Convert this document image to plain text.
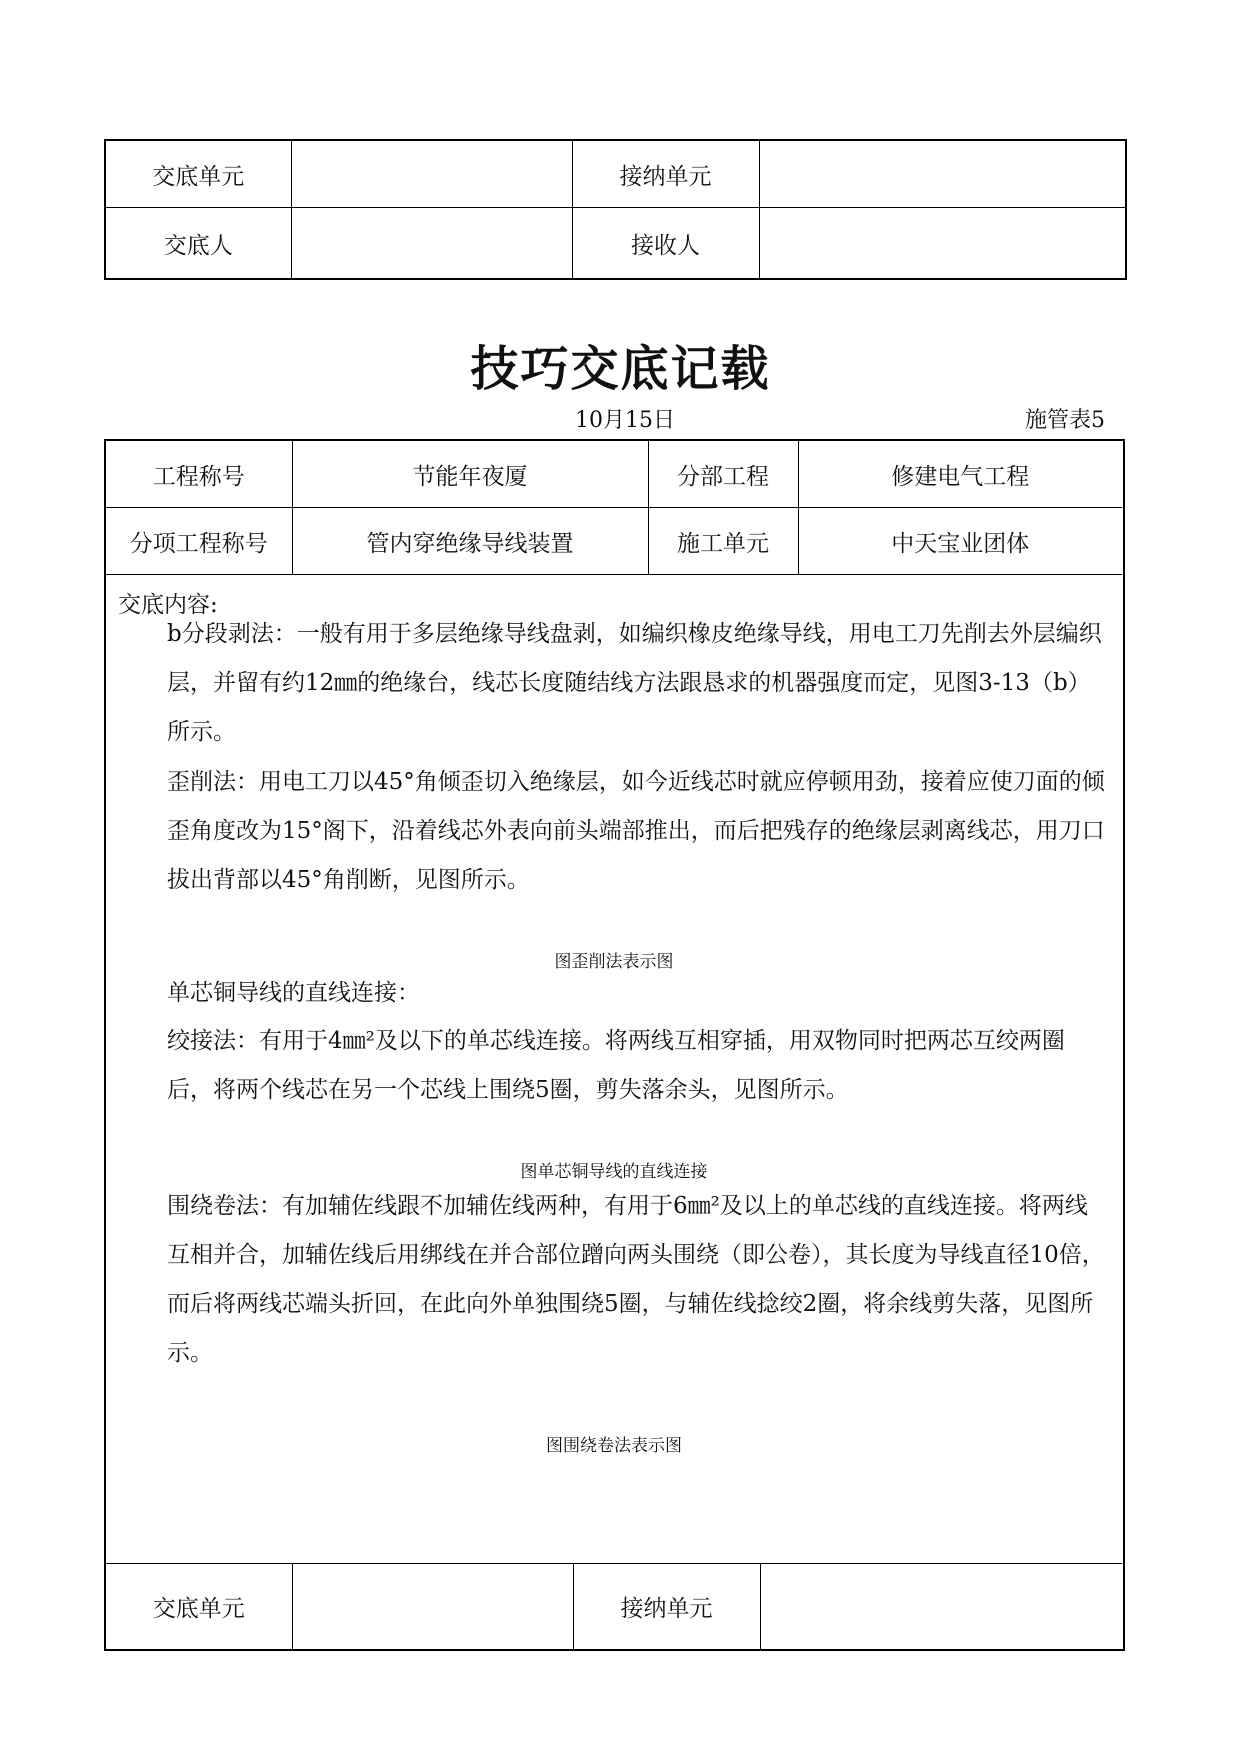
交底单元		接纳单元	
交底人		接收人	
技巧交底记载
10月15日	施管表5
工程称号	节能年夜厦	分部工程	修建电气工程
分项工程称号	管内穿绝缘导线装置	施工单元	中天宝业团体
交底内容:
b分段剥法：一般有用于多层绝缘导线盘剥，如编织橡皮绝缘导线，用电工刀先削去外层编织层，并留有约12㎜的绝缘台，线芯长度随结线方法跟恳求的机器强度而定，见图3-13（b）所示。
歪削法：用电工刀以45°角倾歪切入绝缘层，如今近线芯时就应停顿用劲，接着应使刀面的倾歪角度改为15°阁下，沿着线芯外表向前头端部推出，而后把残存的绝缘层剥离线芯，用刀口拔出背部以45°角削断，见图所示。
图歪削法表示图
单芯铜导线的直线连接：
绞接法：有用于4㎜²及以下的单芯线连接。将两线互相穿插，用双物同时把两芯互绞两圈后，将两个线芯在另一个芯线上围绕5圈，剪失落余头，见图所示。
图单芯铜导线的直线连接
围绕卷法：有加辅佐线跟不加辅佐线两种，有用于6㎜²及以上的单芯线的直线连接。将两线互相并合，加辅佐线后用绑线在并合部位蹭向两头围绕（即公卷），其长度为导线直径10倍，而后将两线芯端头折回，在此向外单独围绕5圈，与辅佐线捻绞2圈，将余线剪失落，见图所示。
图围绕卷法表示图
交底单元		接纳单元	
